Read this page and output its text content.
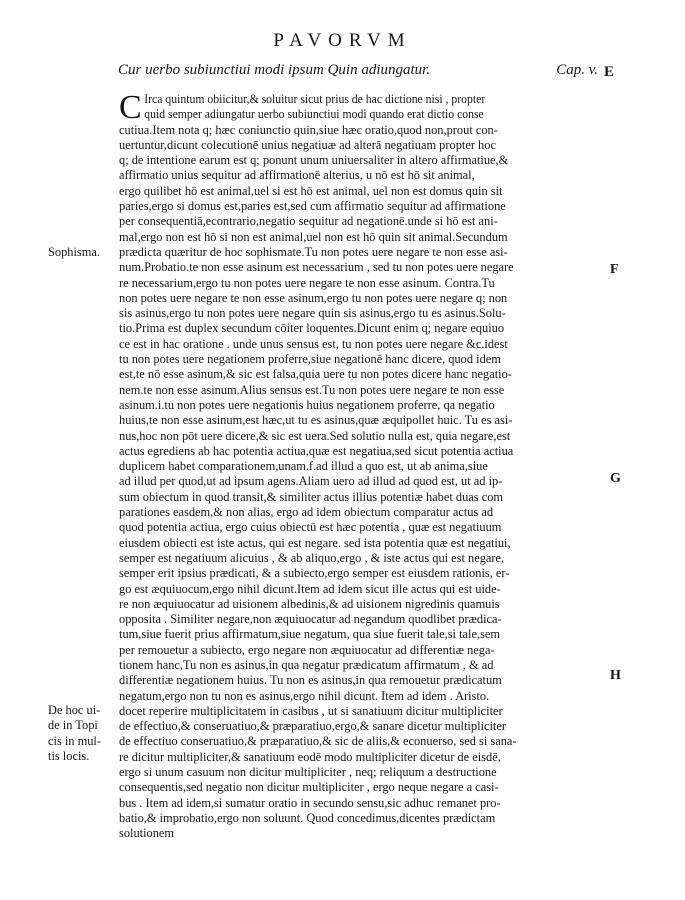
PAVORVM
Cur uerbo subiunctiui modi ipsum Quin adiungatur.	Cap. v. E
Sophisma.
F
G
H
De hoc ui-
de in Topi
cis in mul-
tis locis.
C Irca quintum obiicitur,& soluitur sicut prius de hac dictione nisi , propter
quid semper adiungatur uerbo subiunctiui modi quando erat dictio conse
cutiua.Item nota q; hæc coniunctio quin,siue hæc oratio,quod non,prout con-
uertuntur,dicunt colecutionē unius negatiuæ ad alterā negatiuam propter hoc
q; de intentione earum est q; ponunt unum uniuersaliter in altero affirmatiue,&
affirmatio unius sequitur ad affirmationē alterius, u nō est hō sit animal,
ergo quilibet hō est animal,uel si est hō est animal, uel non est domus quin sit
paries,ergo si domus est,paries est,sed cum affirmatio sequitur ad affirmatione
per consequentiā,econtrario,negatio sequitur ad negationē.unde si hō est ani-
mal,ergo non est hō si non est animal,uel non est hō quin sit animal.Secundum
prædicta quæritur de hoc sophismate.Tu non potes uere negare te non esse asi-
num.Probatio.te non esse asinum est necessarium , sed tu non potes uere negare
re necessarium,ergo tu non potes uere negare te non esse asinum. Contra.Tu
non potes uere negare te non esse asinum,ergo tu non potes uere negare q; non
sis asinus,ergo tu non potes uere negare quin sis asinus,ergo tu es asinus.Solu-
tio.Prima est duplex secundum cōiter loquentes.Dicunt enim q; negare equiuo
ce est in hac oratione . unde unus sensus est, tu non potes uere negare &c.idest
tu non potes uere negationem proferre,siue negationē hanc dicere, quod idem
est,te nō esse asinum,& sic est falsa,quia uere tu non potes dicere hanc negatio-
nem.te non esse asinum.Alius sensus est.Tu non potes uere negare te non esse
asinum.i.tu non potes uere negationis huius negationem proferre, qa negatio
huius,te non esse asinum,est hæc,ut tu es asinus,quæ æquipollet huic. Tu es asi-
nus,hoc non pōt uere dicere,& sic est uera.Sed solutio nulla est, quia negare,est
actus egrediens ab hac potentia actiua,quæ est negatiua,sed sicut potentia actiua
duplicem habet comparationem,unam.f.ad illud a quo est, ut ab anima,siue
ad illud per quod,ut ad ipsum agens.Aliam uero ad illud ad quod est, ut ad ip-
sum obiectum in quod transit,& similiter actus illius potentiæ habet duas com
parationes easdem,& non alias, ergo ad idem obiectum comparatur actus ad
quod potentia actiua, ergo cuius obiectū est hæc potentia , quæ est negatiuum
eiusdem obiecti est iste actus, qui est negare. sed ista potentia quæ est negatiui,
semper est negatiuum alicuius , & ab aliquo,ergo , & iste actus qui est negare,
semper erit ipsius prædicati, & a subiecto,ergo semper est eiusdem rationis, er-
go est æquiuocum,ergo nihil dicunt.Item ad idem sicut ille actus qui est uide-
re non æquiuocatur ad uisionem albedinis,& ad uisionem nigredinis quamuis
opposita . Similiter negare,non æquiuocatur ad negandum quodlibet prædica-
tum,siue fuerit prius affirmatum,siue negatum, qua siue fuerit tale,si tale,sem
per remouetur a subiecto, ergo negare non æquiuocatur ad differentiæ nega-
tionem hanc,Tu non es asinus,in qua negatur prædicatum affirmatum , & ad
differentiæ negationem huius. Tu non es asinus,in qua remouetur prædicatum
negatum,ergo non tu non es asinus,ergo nihil dicunt. Item ad idem . Aristo.
docet reperire multiplicitatem in casibus , ut si sanatiuum dicitur multipliciter
de effectiuo,& conseruatiuo,& præparatiuo,ergo,& sanare dicetur multipliciter
de effectiuo conseruatiuo,& præparatiuo,& sic de aliis,& econuerso, sed si sana-
re dicitur multipliciter,& sanatiuum eodē modo multipliciter dicetur de eisdē,
ergo si unum casuum non dicitur multipliciter , neq; reliquum a destructione
consequentis,sed negatio non dicitur multipliciter , ergo neque negare a casi-
bus . Item ad idem,si sumatur oratio in secundo sensu,sic adhuc remanet pro-
batio,& improbatio,ergo non soluunt. Quod concedimus,dicentes prædictam
solutionem
